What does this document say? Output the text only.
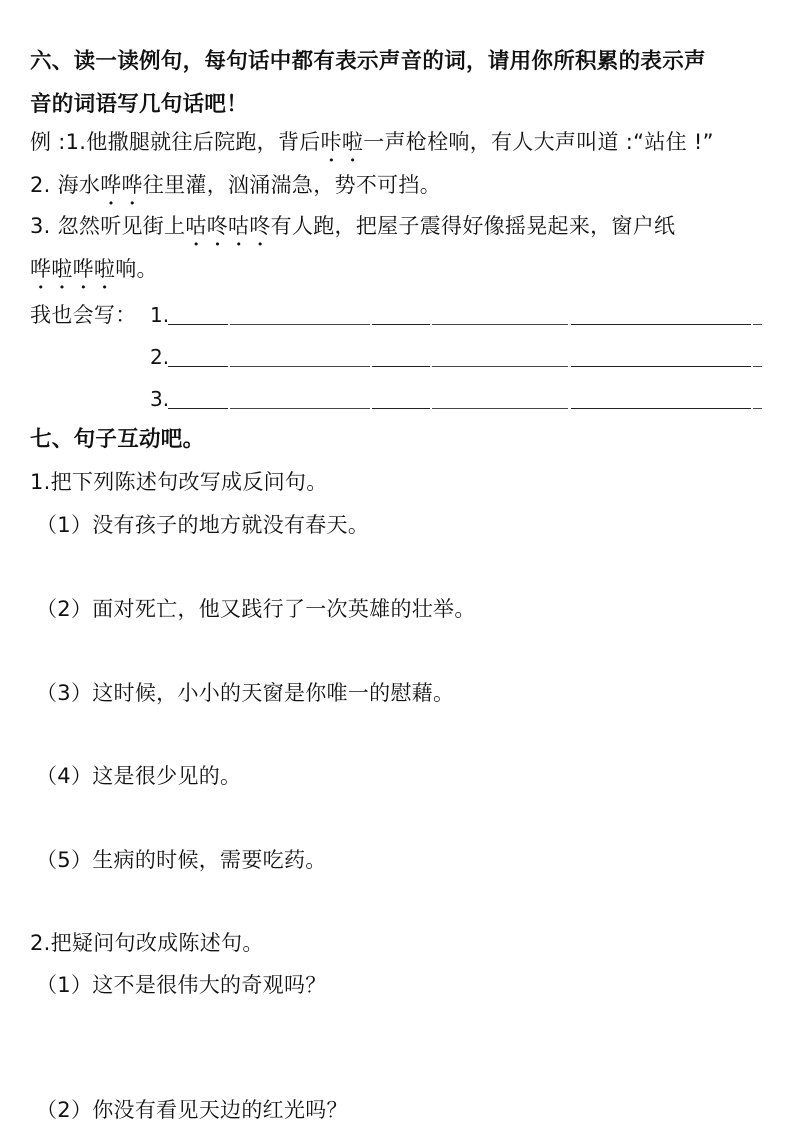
六、读一读例句，每句话中都有表示声音的词，请用你所积累的表示声
音的词语写几句话吧！
例 :1.他撒腿就往后院跑，背后咔啦一声枪栓响，有人大声叫道 :“站住 !”
2. 海水哗哗往里灌，汹涌湍急，势不可挡。
3. 忽然听见街上咕咚咕咚有人跑，把屋子震得好像摇晃起来，窗户纸
哗啦哗啦响。
我也会写： 1.
2.
3.
七、句子互动吧。
1.把下列陈述句改写成反问句。
（1）没有孩子的地方就没有春天。
（2）面对死亡，他又践行了一次英雄的壮举。
（3）这时候，小小的天窗是你唯一的慰藉。
（4）这是很少见的。
（5）生病的时候，需要吃药。
2.把疑问句改成陈述句。
（1）这不是很伟大的奇观吗？
（2）你没有看见天边的红光吗？
